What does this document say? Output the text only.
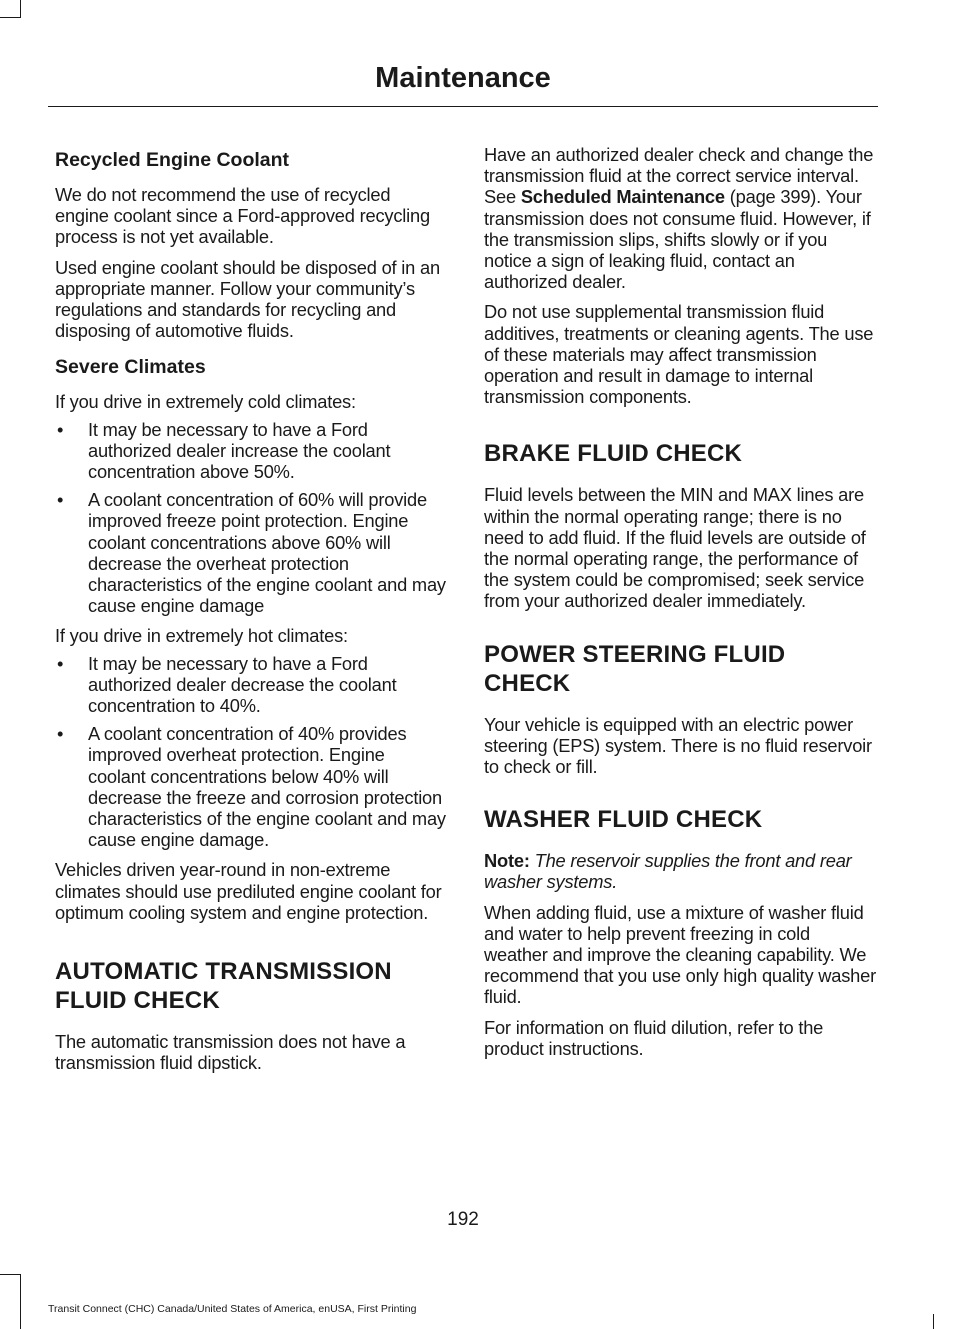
Maintenance
Recycled Engine Coolant

We do not recommend the use of recycled engine coolant since a Ford-approved recycling process is not yet available.

Used engine coolant should be disposed of in an appropriate manner. Follow your community’s regulations and standards for recycling and disposing of automotive fluids.

Severe Climates

If you drive in extremely cold climates:

• It may be necessary to have a Ford authorized dealer increase the coolant concentration above 50%.
• A coolant concentration of 60% will provide improved freeze point protection. Engine coolant concentrations above 60% will decrease the overheat protection characteristics of the engine coolant and may cause engine damage

If you drive in extremely hot climates:

• It may be necessary to have a Ford authorized dealer decrease the coolant concentration to 40%.
• A coolant concentration of 40% provides improved overheat protection. Engine coolant concentrations below 40% will decrease the freeze and corrosion protection characteristics of the engine coolant and may cause engine damage.

Vehicles driven year-round in non-extreme climates should use prediluted engine coolant for optimum cooling system and engine protection.

AUTOMATIC TRANSMISSION FLUID CHECK

The automatic transmission does not have a transmission fluid dipstick.

Have an authorized dealer check and change the transmission fluid at the correct service interval. See Scheduled Maintenance (page 399). Your transmission does not consume fluid. However, if the transmission slips, shifts slowly or if you notice a sign of leaking fluid, contact an authorized dealer.

Do not use supplemental transmission fluid additives, treatments or cleaning agents. The use of these materials may affect transmission operation and result in damage to internal transmission components.

BRAKE FLUID CHECK

Fluid levels between the MIN and MAX lines are within the normal operating range; there is no need to add fluid. If the fluid levels are outside of the normal operating range, the performance of the system could be compromised; seek service from your authorized dealer immediately.

POWER STEERING FLUID CHECK

Your vehicle is equipped with an electric power steering (EPS) system. There is no fluid reservoir to check or fill.

WASHER FLUID CHECK

Note: The reservoir supplies the front and rear washer systems.

When adding fluid, use a mixture of washer fluid and water to help prevent freezing in cold weather and improve the cleaning capability. We recommend that you use only high quality washer fluid.

For information on fluid dilution, refer to the product instructions.

192

Transit Connect (CHC) Canada/United States of America, enUSA, First Printing
